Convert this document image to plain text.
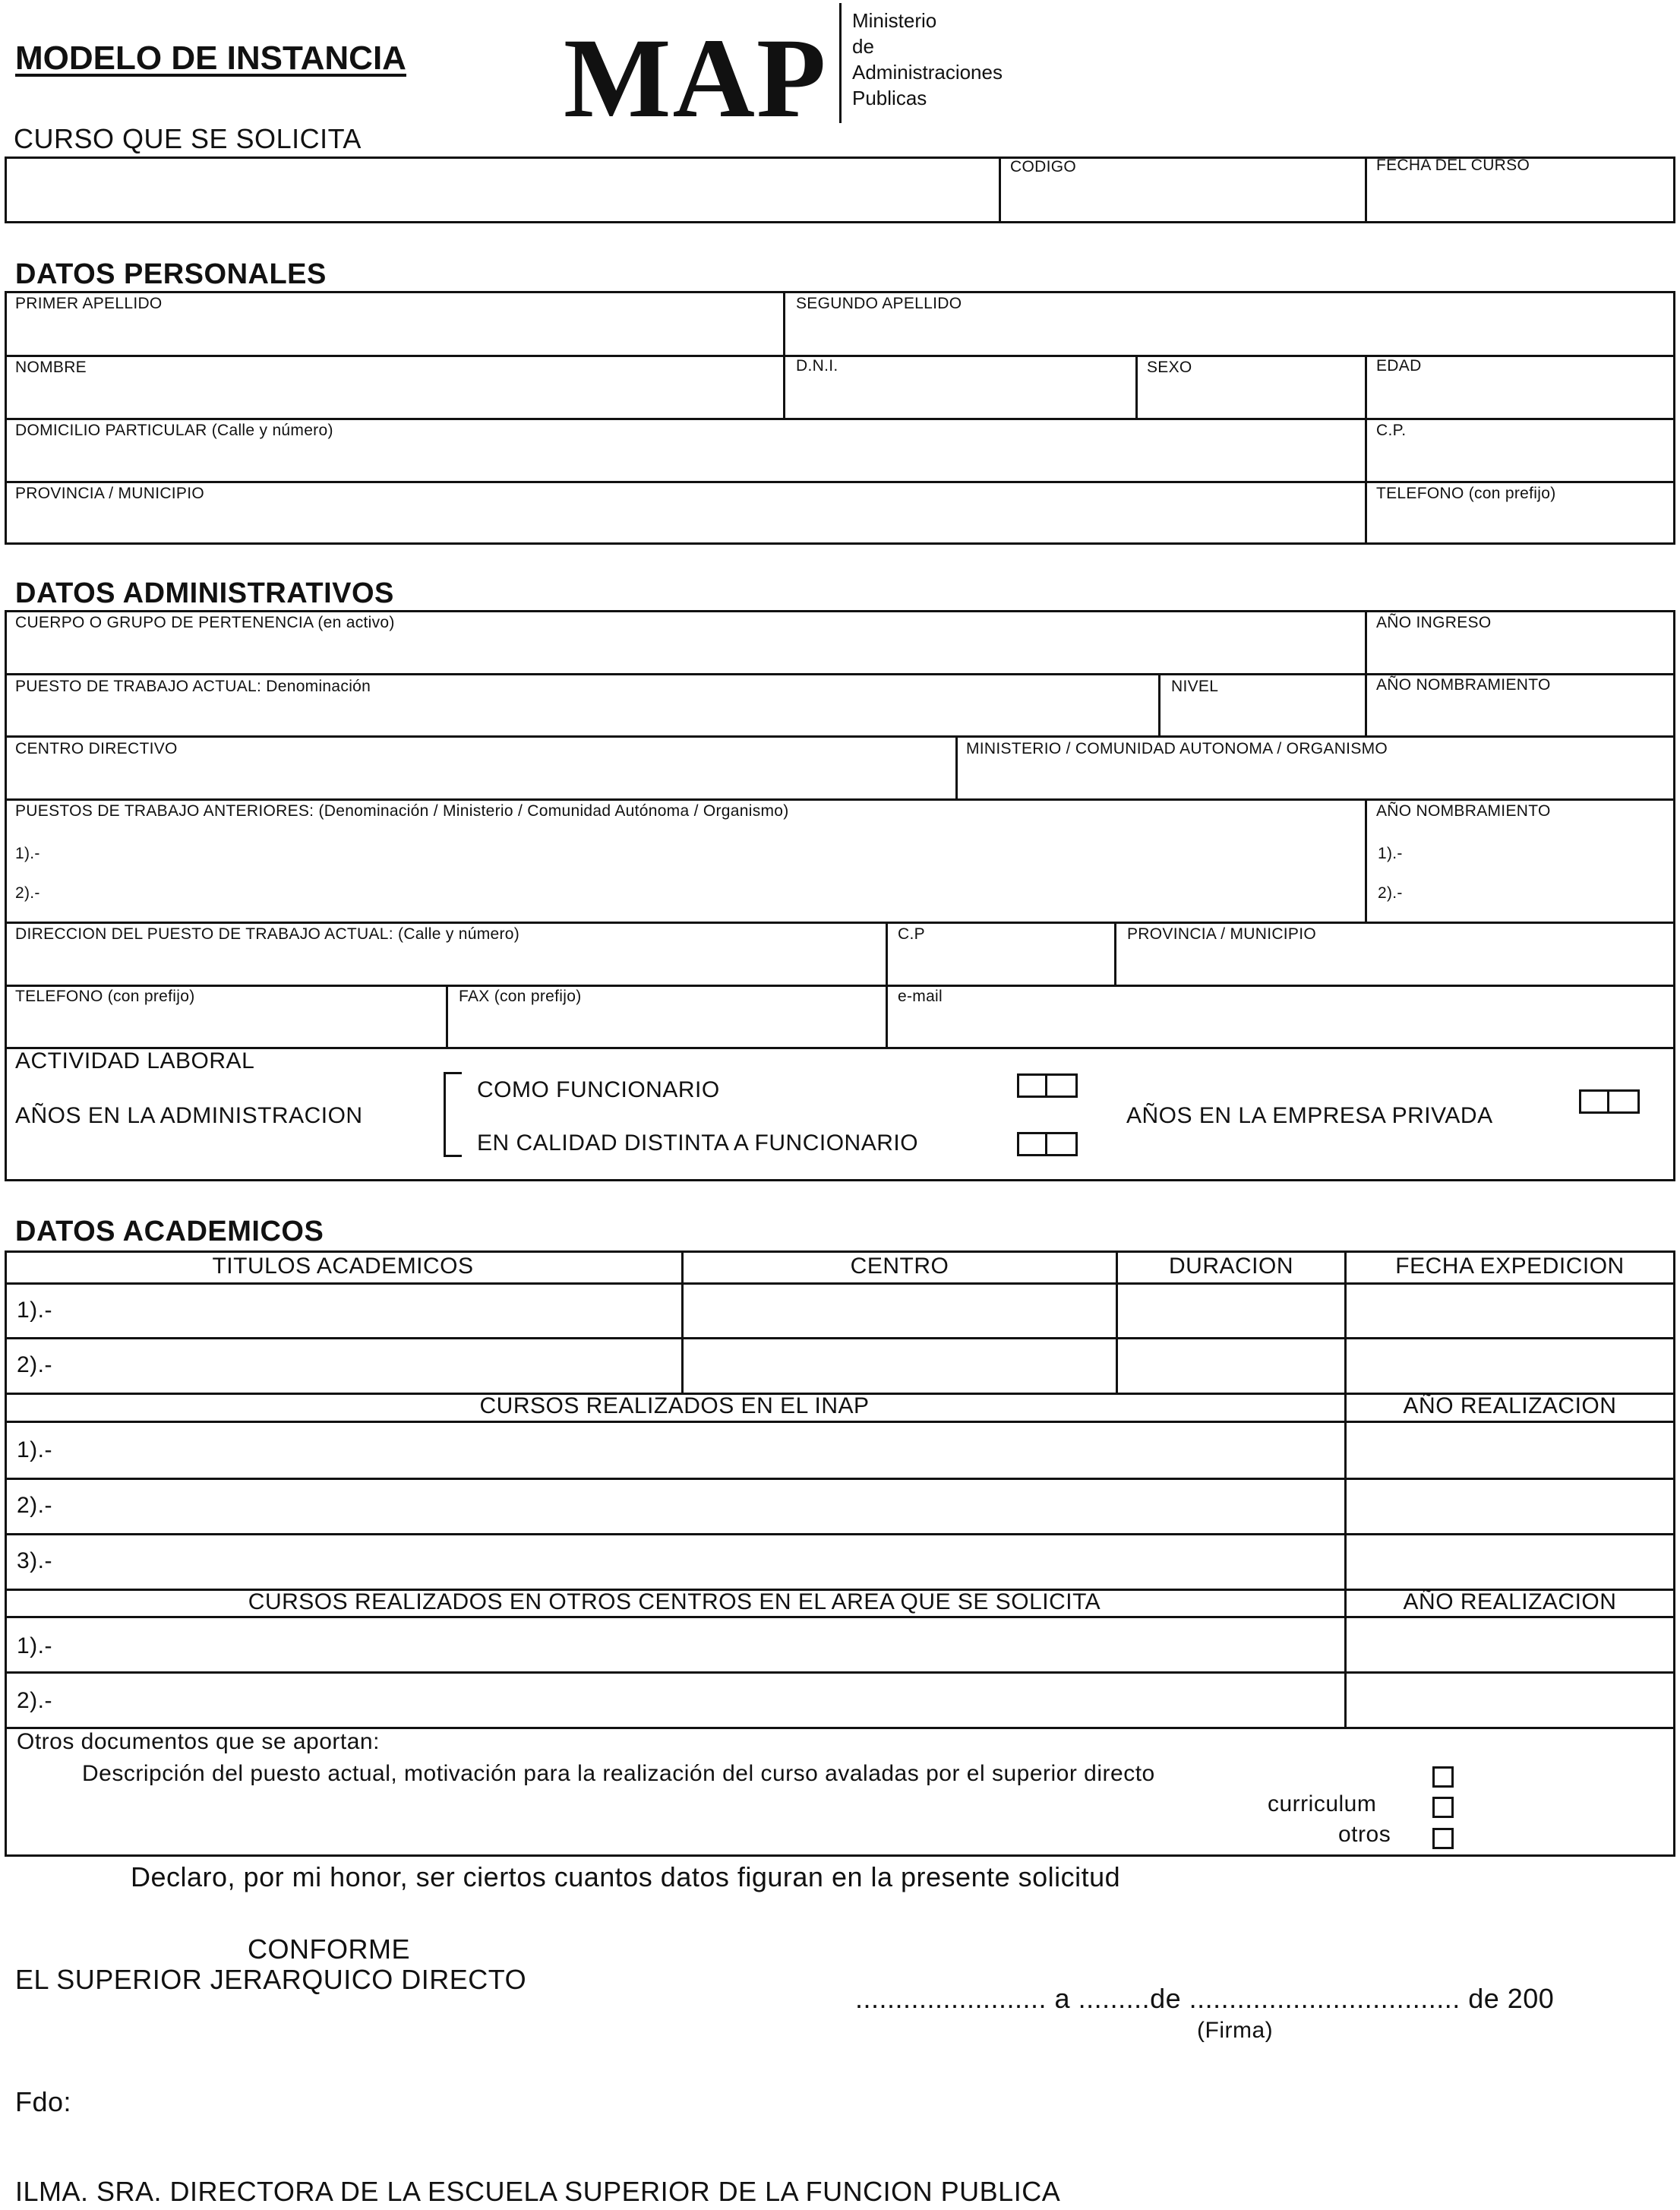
MODELO DE INSTANCIA MAP Ministerio
de
Administraciones
Publicas
CURSO QUE SE SOLICITA
CODIGO	FECHA DEL CURSO
DATOS PERSONALES
PRIMER APELLIDO	SEGUNDO APELLIDO
NOMBRE	D.N.I.	SEXO	EDAD
DOMICILIO PARTICULAR (Calle y número)	C.P.
PROVINCIA / MUNICIPIO	TELEFONO (con prefijo)
DATOS ADMINISTRATIVOS
CUERPO O GRUPO DE PERTENENCIA (en activo)	AÑO INGRESO
PUESTO DE TRABAJO ACTUAL: Denominación	NIVEL	AÑO NOMBRAMIENTO
CENTRO DIRECTIVO	MINISTERIO / COMUNIDAD AUTONOMA / ORGANISMO
PUESTOS DE TRABAJO ANTERIORES: (Denominación / Ministerio / Comunidad Autónoma / Organismo)	AÑO NOMBRAMIENTO
1).-
2).-
1).-
2).-
DIRECCION DEL PUESTO DE TRABAJO ACTUAL: (Calle y número)	C.P	PROVINCIA / MUNICIPIO
TELEFONO (con prefijo)	FAX (con prefijo)	e-mail
ACTIVIDAD LABORAL
AÑOS EN LA ADMINISTRACION
COMO FUNCIONARIO
EN CALIDAD DISTINTA A FUNCIONARIO
AÑOS EN LA EMPRESA PRIVADA
DATOS ACADEMICOS
TITULOS ACADEMICOS	CENTRO	DURACION	FECHA EXPEDICION
1).-
2).-
CURSOS REALIZADOS EN EL INAP	AÑO REALIZACION
1).-
2).-
3).-
CURSOS REALIZADOS EN OTROS CENTROS EN EL AREA QUE SE SOLICITA	AÑO REALIZACION
1).-
2).-
Otros documentos que se aportan:
Descripción del puesto actual, motivación para la realización del curso avaladas por el superior directo
curriculum
otros
Declaro, por mi honor, ser ciertos cuantos datos figuran en la presente solicitud
CONFORME
EL SUPERIOR JERARQUICO DIRECTO
........................ a .........de .................................. de 200
(Firma)
Fdo:
ILMA. SRA. DIRECTORA DE LA ESCUELA SUPERIOR DE LA FUNCION PUBLICA
